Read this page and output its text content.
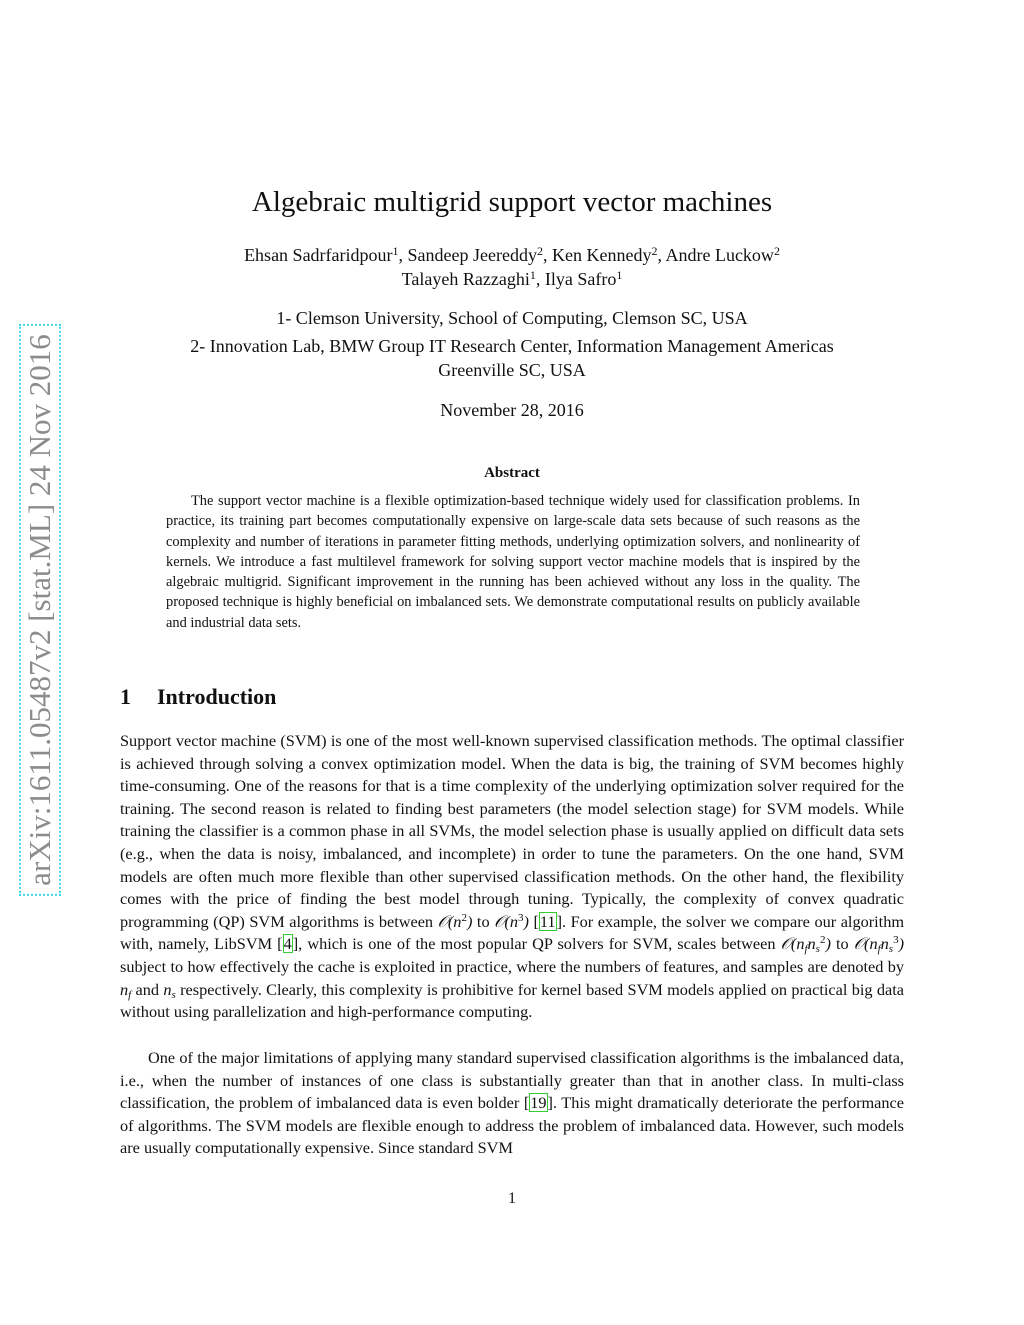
arXiv:1611.05487v2 [stat.ML] 24 Nov 2016
Algebraic multigrid support vector machines
Ehsan Sadrfaridpour$^1$, Sandeep Jeereddy$^2$, Ken Kennedy$^2$, Andre Luckow$^2$
Talayeh Razzaghi$^1$, Ilya Safro$^1$
1- Clemson University, School of Computing, Clemson SC, USA
2- Innovation Lab, BMW Group IT Research Center, Information Management Americas
Greenville SC, USA
November 28, 2016
Abstract

The support vector machine is a flexible optimization-based technique widely used for classification problems. In practice, its training part becomes computationally expensive on large-scale data sets because of such reasons as the complexity and number of iterations in parameter fitting methods, underlying optimization solvers, and nonlinearity of kernels. We introduce a fast multilevel framework for solving support vector machine models that is inspired by the algebraic multigrid. Significant improvement in the running has been achieved without any loss in the quality. The proposed technique is highly beneficial on imbalanced sets. We demonstrate computational results on publicly available and industrial data sets.

1 Introduction

Support vector machine (SVM) is one of the most well-known supervised classification methods. The optimal classifier is achieved through solving a convex optimization model. When the data is big, the training of SVM becomes highly time-consuming. One of the reasons for that is a time complexity of the underlying optimization solver required for the training. The second reason is related to finding best parameters (the model selection stage) for SVM models. While training the classifier is a common phase in all SVMs, the model selection phase is usually applied on difficult data sets (e.g., when the data is noisy, imbalanced, and incomplete) in order to tune the parameters. On the one hand, SVM models are often much more flexible than other supervised classification methods. On the other hand, the flexibility comes with the price of finding the best model through tuning. Typically, the complexity of convex quadratic programming (QP) SVM algorithms is between $𝒪(n^2)$ to $𝒪(n^3)$ [11]. For example, the solver we compare our algorithm with, namely, LibSVM [4], which is one of the most popular QP solvers for SVM, scales between $𝒪(n_fn_s^2)$ to $𝒪(n_fn_s^3)$ subject to how effectively the cache is exploited in practice, where the numbers of features, and samples are denoted by $n_f$ and $n_s$ respectively. Clearly, this complexity is prohibitive for kernel based SVM models applied on practical big data without using parallelization and high-performance computing.

One of the major limitations of applying many standard supervised classification algorithms is the imbalanced data, i.e., when the number of instances of one class is substantially greater than that in another class. In multi-class classification, the problem of imbalanced data is even bolder [19]. This might dramatically deteriorate the performance of algorithms. The SVM models are flexible enough to address the problem of imbalanced data. However, such models are usually computationally expensive. Since standard SVM

1
